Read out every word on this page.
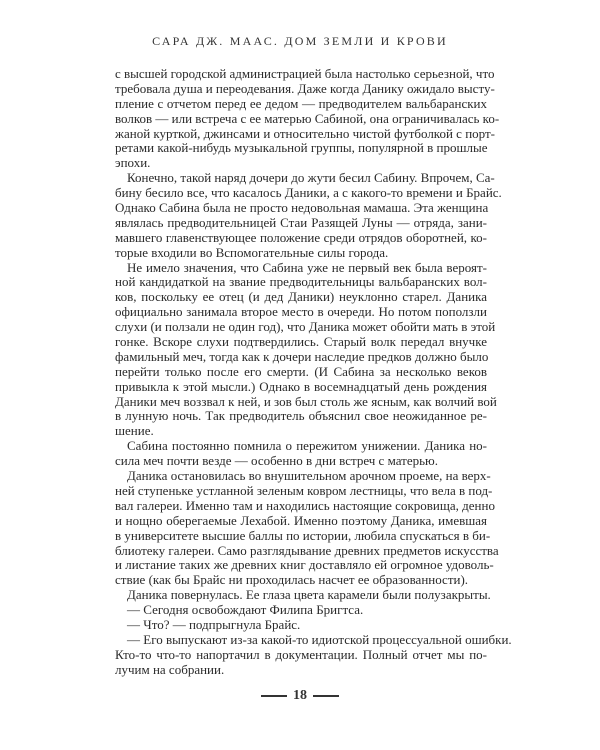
САРА ДЖ. МААС. ДОМ ЗЕМЛИ И КРОВИ
с высшей городской администрацией была настолько серьезной, что
требовала душа и переодевания. Даже когда Данику ожидало высту-
пление с отчетом перед ее дедом — предводителем вальбаранских
волков — или встреча с ее матерью Сабиной, она ограничивалась ко-
жаной курткой, джинсами и относительно чистой футболкой с порт-
ретами какой-нибудь музыкальной группы, популярной в прошлые
эпохи.
Конечно, такой наряд дочери до жути бесил Сабину. Впрочем, Са-
бину бесило все, что касалось Даники, а с какого-то времени и Брайс.
Однако Сабина была не просто недовольная мамаша. Эта женщина
являлась предводительницей Стаи Разящей Луны — отряда, зани-
мавшего главенствующее положение среди отрядов оборотней, ко-
торые входили во Вспомогательные силы города.
Не имело значения, что Сабина уже не первый век была вероят-
ной кандидаткой на звание предводительницы вальбаранских вол-
ков, поскольку ее отец (и дед Даники) неуклонно старел. Даника
официально занимала второе место в очереди. Но потом поползли
слухи (и ползали не один год), что Даника может обойти мать в этой
гонке. Вскоре слухи подтвердились. Старый волк передал внучке
фамильный меч, тогда как к дочери наследие предков должно было
перейти только после его смерти. (И Сабина за несколько веков
привыкла к этой мысли.) Однако в восемнадцатый день рождения
Даники меч воззвал к ней, и зов был столь же ясным, как волчий вой
в лунную ночь. Так предводитель объяснил свое неожиданное ре-
шение.
Сабина постоянно помнила о пережитом унижении. Даника но-
сила меч почти везде — особенно в дни встреч с матерью.
Даника остановилась во внушительном арочном проеме, на верх-
ней ступеньке устланной зеленым ковром лестницы, что вела в под-
вал галереи. Именно там и находились настоящие сокровища, денно
и нощно оберегаемые Лехабой. Именно поэтому Даника, имевшая
в университете высшие баллы по истории, любила спускаться в би-
блиотеку галереи. Само разглядывание древних предметов искусства
и листание таких же древних книг доставляло ей огромное удоволь-
ствие (как бы Брайс ни проходилась насчет ее образованности).
Даника повернулась. Ее глаза цвета карамели были полузакрыты.
— Сегодня освобождают Филипа Бригтса.
— Что? — подпрыгнула Брайс.
— Его выпускают из-за какой-то идиотской процессуальной ошибки.
Кто-то что-то напортачил в документации. Полный отчет мы по-
лучим на собрании.
18
